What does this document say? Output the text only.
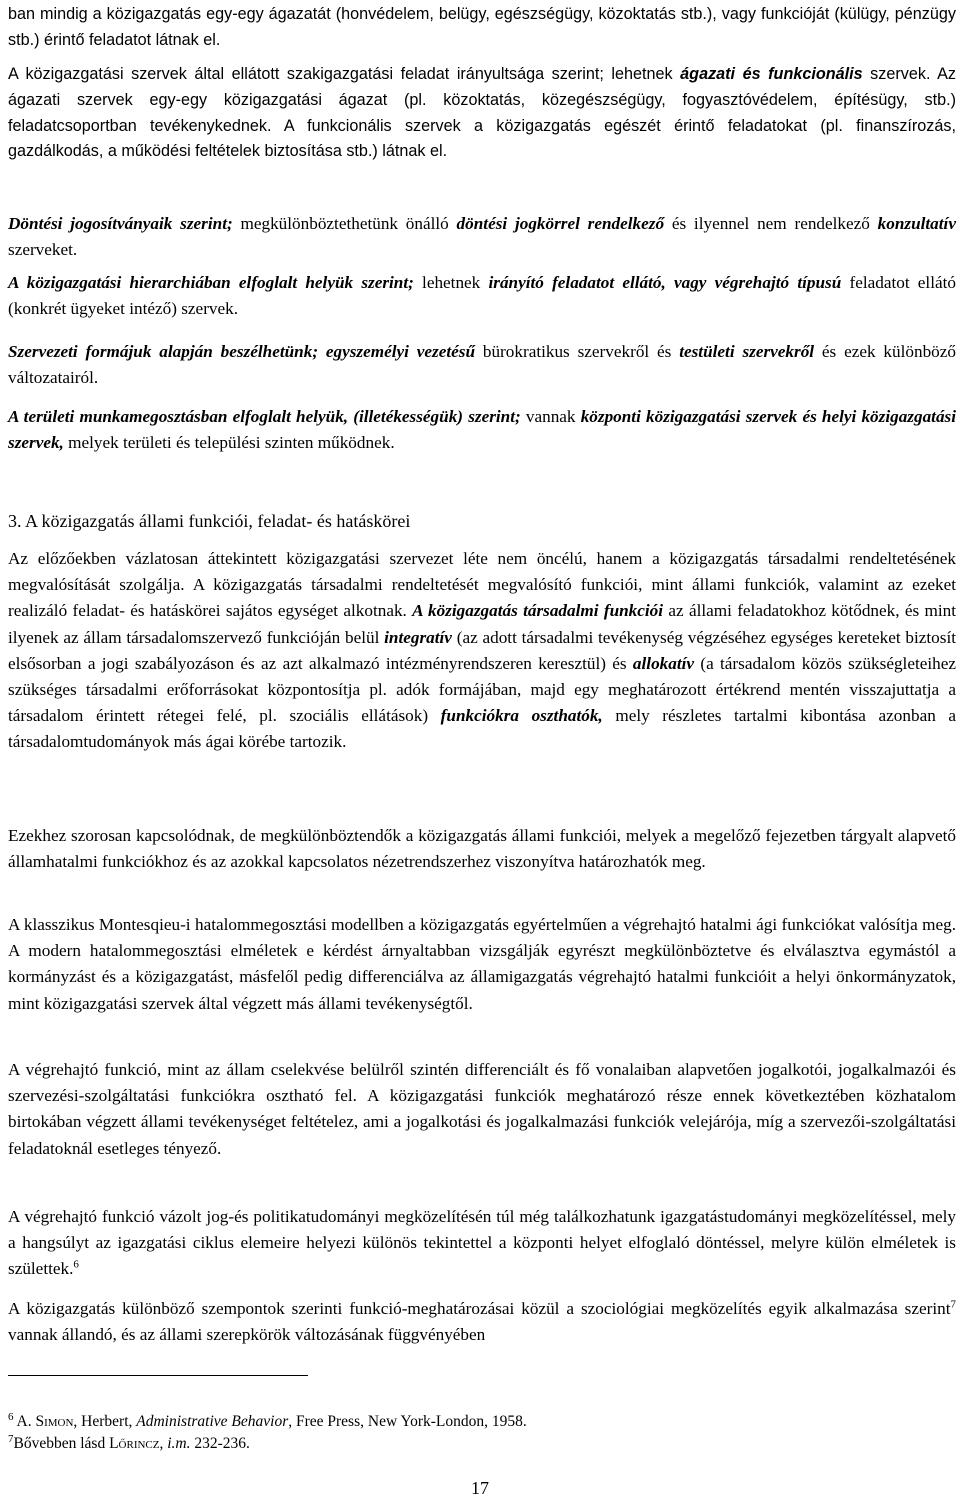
ban mindig a közigazgatás egy-egy ágazatát (honvédelem, belügy, egészségügy, közoktatás stb.), vagy funkcióját (külügy, pénzügy stb.) érintő feladatot látnak el.

A közigazgatási szervek által ellátott szakigazgatási feladat irányultsága szerint; lehetnek ágazati és funkcionális szervek. Az ágazati szervek egy-egy közigazgatási ágazat (pl. közoktatás, közegészségügy, fogyasztóvédelem, építésügy, stb.) feladatcsoportban tevékenykednek. A funkcionális szervek a közigazgatás egészét érintő feladatokat (pl. finanszírozás, gazdálkodás, a működési feltételek biztosítása stb.) látnak el.

Döntési jogosítványaik szerint; megkülönböztethetünk önálló döntési jogkörrel rendelkező és ilyennel nem rendelkező konzultatív szerveket.

A közigazgatási hierarchiában elfoglalt helyük szerint; lehetnek irányító feladatot ellátó, vagy végrehajtó típusú feladatot ellátó (konkrét ügyeket intéző) szervek.

Szervezeti formájuk alapján beszélhetünk; egyszemélyi vezetésű bürokratikus szervekről és testületi szervekről és ezek különböző változatairól.

A területi munkamegosztásban elfoglalt helyük, (illetékességük) szerint; vannak központi közigazgatási szervek és helyi közigazgatási szervek, melyek területi és települési szinten működnek.

3. A közigazgatás állami funkciói, feladat- és hatáskörei

Az előzőekben vázlatosan áttekintett közigazgatási szervezet léte nem öncélú, hanem a közigazgatás társadalmi rendeltetésének megvalósítását szolgálja. A közigazgatás társadalmi rendeltetését megvalósító funkciói, mint állami funkciók, valamint az ezeket realizáló feladat- és hatáskörei sajátos egységet alkotnak. A közigazgatás társadalmi funkciói az állami feladatokhoz kötődnek, és mint ilyenek az állam társadalomszervező funkcióján belül integratív (az adott társadalmi tevékenység végzéséhez egységes kereteket biztosít elsősorban a jogi szabályozáson és az azt alkalmazó intézményrendszeren keresztül) és allokatív (a társadalom közös szükségleteihez szükséges társadalmi erőforrásokat központosítja pl. adók formájában, majd egy meghatározott értékrend mentén visszajuttatja a társadalom érintett rétegei felé, pl. szociális ellátások) funkciókra oszthatók, mely részletes tartalmi kibontása azonban a társadalomtudományok más ágai körébe tartozik.

Ezekhez szorosan kapcsolódnak, de megkülönböztendők a közigazgatás állami funkciói, melyek a megelőző fejezetben tárgyalt alapvető államhatalmi funkciókhoz és az azokkal kapcsolatos nézetrendszerhez viszonyítva határozhatók meg.

A klasszikus Montesqieu-i hatalommegosztási modellben a közigazgatás egyértelműen a végrehajtó hatalmi ági funkciókat valósítja meg. A modern hatalommegosztási elméletek e kérdést árnyaltabban vizsgálják egyrészt megkülönböztetve és elválasztva egymástól a kormányzást és a közigazgatást, másfelől pedig differenciálva az államigazgatás végrehajtó hatalmi funkcióit a helyi önkormányzatok, mint közigazgatási szervek által végzett más állami tevékenységtől.

A végrehajtó funkció, mint az állam cselekvése belülről szintén differenciált és fő vonalaiban alapvetően jogalkotói, jogalkalmazói és szervezési-szolgáltatási funkciókra osztható fel. A közigazgatási funkciók meghatározó része ennek következtében közhatalom birtokában végzett állami tevékenységet feltételez, ami a jogalkotási és jogalkalmazási funkciók velejárója, míg a szervezői-szolgáltatási feladatoknál esetleges tényező.

A végrehajtó funkció vázolt jog-és politikatudományi megközelítésén túl még találkozhatunk igazgatástudományi megközelítéssel, mely a hangsúlyt az igazgatási ciklus elemeire helyezi különös tekintettel a központi helyet elfoglaló döntéssel, melyre külön elméletek is születtek.$^6$

A közigazgatás különböző szempontok szerinti funkció-meghatározásai közül a szociológiai megközelítés egyik alkalmazása szerint$^7$ vannak állandó, és az állami szerepkörök változásának függvényében

$^6$ A. Simon, Herbert, Administrative Behavior, Free Press, New York-London, 1958.
$^7$Bővebben lásd Lőrincz, i.m. 232-236.
17
